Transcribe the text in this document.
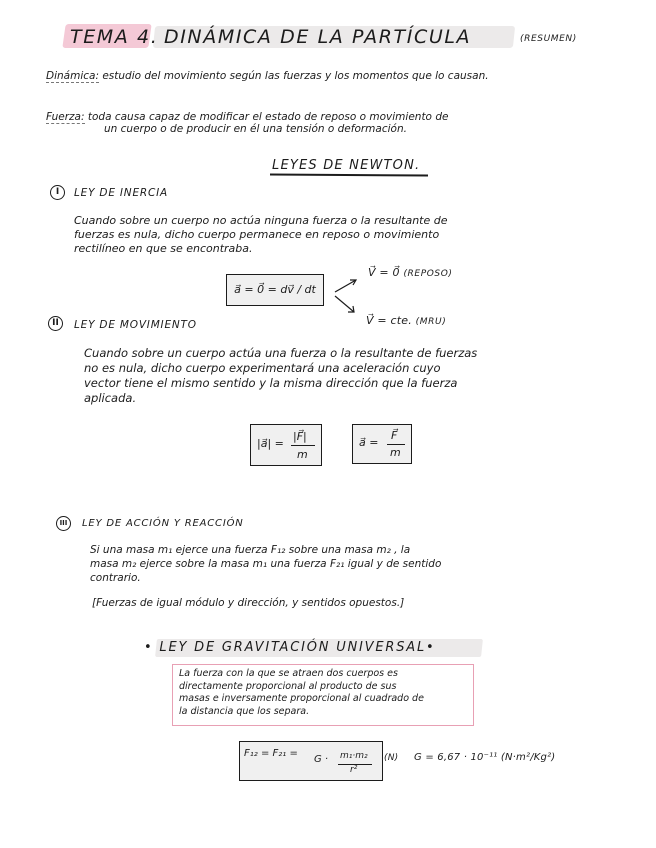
TEMA 4. DINÁMICA DE LA PARTÍCULA	(RESUMEN)
Dinámica: estudio del movimiento según las fuerzas y los momentos que lo causan.
Fuerza: toda causa capaz de modificar el estado de reposo o movimiento de
un cuerpo o de producir en él una tensión o deformación.
LEYES DE NEWTON.
I	LEY DE INERCIA
Cuando sobre un cuerpo no actúa ninguna fuerza o la resultante de
fuerzas es nula, dicho cuerpo permanece en reposo o movimiento
rectilíneo en que se encontraba.
a⃗ = 0⃗ = dv⃗ / dt
V⃗ = 0⃗ (REPOSO)
V⃗ = cte. (MRU)
II	LEY DE MOVIMIENTO
Cuando sobre un cuerpo actúa una fuerza o la resultante de fuerzas
no es nula, dicho cuerpo experimentará una aceleración cuyo
vector tiene el mismo sentido y la misma dirección que la fuerza
aplicada.
|a⃗| =
|F⃗|
m
a⃗ =
F⃗
m
III	LEY DE ACCIÓN Y REACCIÓN
Si una masa m₁ ejerce una fuerza F₁₂ sobre una masa m₂ , la
masa m₂ ejerce sobre la masa m₁ una fuerza F₂₁ igual y de sentido
contrario.
[Fuerzas de igual módulo y dirección, y sentidos opuestos.]
• LEY DE GRAVITACIÓN UNIVERSAL•
La fuerza con la que se atraen dos cuerpos es
directamente proporcional al producto de sus
masas e inversamente proporcional al cuadrado de
la distancia que los separa.
F₁₂ = F₂₁ =
G · m₁·m₂
r²
(N) G = 6,67 · 10⁻¹¹ (N·m²/Kg²)
